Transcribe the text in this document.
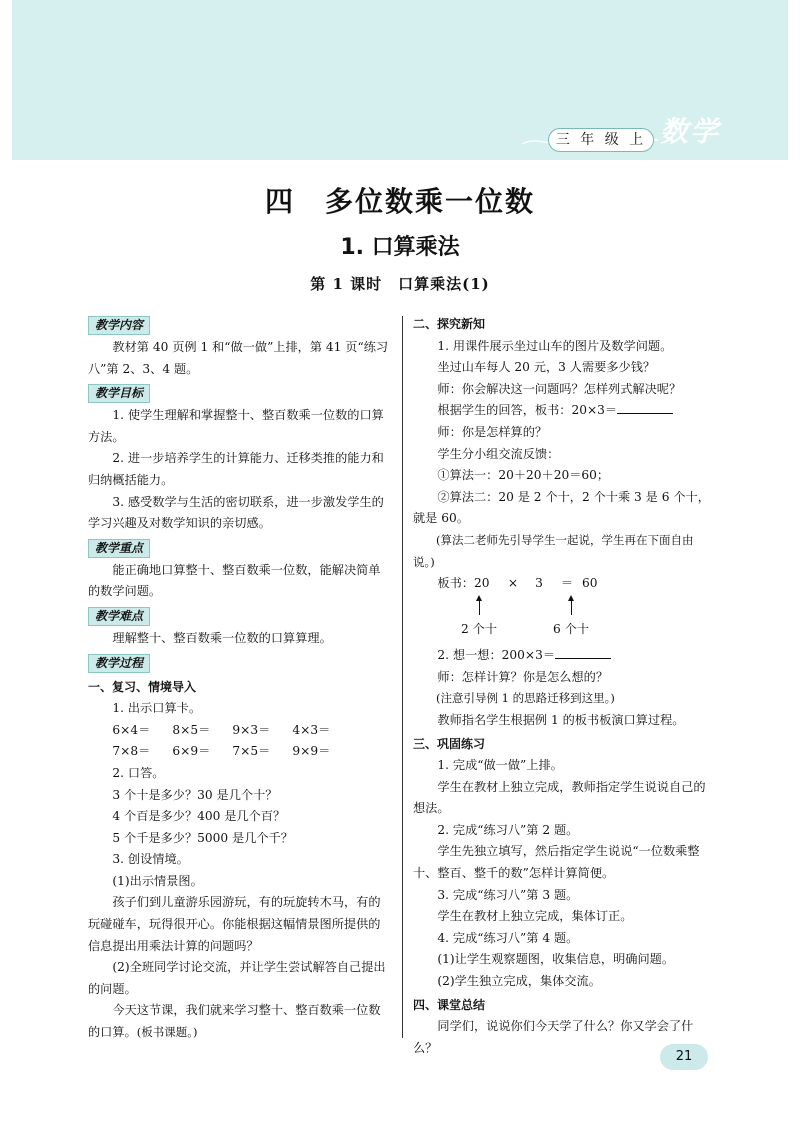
三 年 级 上 数学
四　多位数乘一位数
1. 口算乘法
第 1 课时　口算乘法(1)
教学内容

教材第 40 页例 1 和“做一做”上排，第 41 页“练习八”第 2、3、4 题。

教学目标

1. 使学生理解和掌握整十、整百数乘一位数的口算方法。

2. 进一步培养学生的计算能力、迁移类推的能力和归纳概括能力。

3. 感受数学与生活的密切联系，进一步激发学生的学习兴趣及对数学知识的亲切感。

教学重点

能正确地口算整十、整百数乘一位数，能解决简单的数学问题。

教学难点

理解整十、整百数乘一位数的口算算理。

教学过程
一、复习、情境导入

1. 出示口算卡。

6×4＝	8×5＝	9×3＝	4×3＝
7×8＝	6×9＝	7×5＝	9×9＝

2. 口答。

3 个十是多少？30 是几个十？

4 个百是多少？400 是几个百？

5 个千是多少？5000 是几个千？

3. 创设情境。

(1)出示情景图。

孩子们到儿童游乐园游玩，有的玩旋转木马，有的玩碰碰车，玩得很开心。你能根据这幅情景图所提供的信息提出用乘法计算的问题吗？

(2)全班同学讨论交流，并让学生尝试解答自己提出的问题。

今天这节课，我们就来学习整十、整百数乘一位数的口算。(板书课题。)

二、探究新知

1. 用课件展示坐过山车的图片及数学问题。

坐过山车每人 20 元，3 人需要多少钱？

师：你会解决这一问题吗？怎样列式解决呢？

根据学生的回答，板书：20×3＝

师：你是怎样算的？

学生分小组交流反馈：

①算法一：20＋20＋20＝60；

②算法二：20 是 2 个十，2 个十乘 3 是 6 个十，就是 60。

(算法二老师先引导学生一起说，学生再在下面自由说。)

板书：20 × 3 ＝ 60
2 个十	6 个十

2. 想一想：200×3＝

师：怎样计算？你是怎么想的？

(注意引导例 1 的思路迁移到这里。)

教师指名学生根据例 1 的板书板演口算过程。

三、巩固练习

1. 完成“做一做”上排。

学生在教材上独立完成，教师指定学生说说自己的想法。

2. 完成“练习八”第 2 题。

学生先独立填写，然后指定学生说说“一位数乘整十、整百、整千的数”怎样计算简便。

3. 完成“练习八”第 3 题。

学生在教材上独立完成，集体订正。

4. 完成“练习八”第 4 题。

(1)让学生观察题图，收集信息，明确问题。

(2)学生独立完成，集体交流。

四、课堂总结

同学们，说说你们今天学了什么？你又学会了什么？

21
